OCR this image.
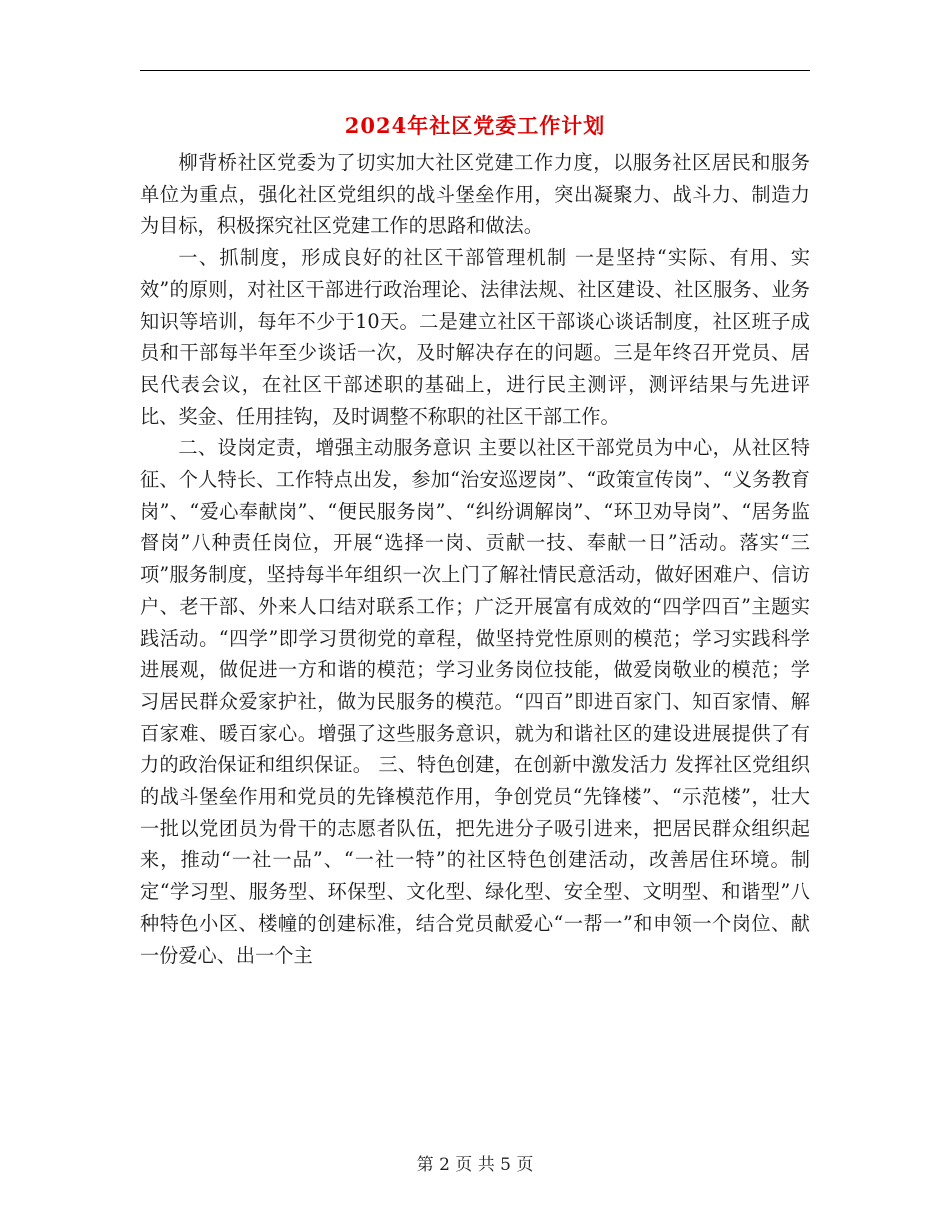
2024年社区党委工作计划

柳背桥社区党委为了切实加大社区党建工作力度，以服务社区居民和服务单位为重点，强化社区党组织的战斗堡垒作用，突出凝聚力、战斗力、制造力为目标，积极探究社区党建工作的思路和做法。

一、抓制度，形成良好的社区干部管理机制 一是坚持“实际、有用、实效”的原则，对社区干部进行政治理论、法律法规、社区建设、社区服务、业务知识等培训，每年不少于10天。二是建立社区干部谈心谈话制度，社区班子成员和干部每半年至少谈话一次，及时解决存在的问题。三是年终召开党员、居民代表会议，在社区干部述职的基础上，进行民主测评，测评结果与先进评比、奖金、任用挂钩，及时调整不称职的社区干部工作。

二、设岗定责，增强主动服务意识 主要以社区干部党员为中心，从社区特征、个人特长、工作特点出发，参加“治安巡逻岗”、“政策宣传岗”、“义务教育岗”、“爱心奉献岗”、“便民服务岗”、“纠纷调解岗”、“环卫劝导岗”、“居务监督岗”八种责任岗位，开展“选择一岗、贡献一技、奉献一日”活动。落实“三项”服务制度，坚持每半年组织一次上门了解社情民意活动，做好困难户、信访户、老干部、外来人口结对联系工作；广泛开展富有成效的“四学四百”主题实践活动。“四学”即学习贯彻党的章程，做坚持党性原则的模范；学习实践科学进展观，做促进一方和谐的模范；学习业务岗位技能，做爱岗敬业的模范；学习居民群众爱家护社，做为民服务的模范。“四百”即进百家门、知百家情、解百家难、暖百家心。增强了这些服务意识，就为和谐社区的建设进展提供了有力的政治保证和组织保证。 三、特色创建，在创新中激发活力 发挥社区党组织的战斗堡垒作用和党员的先锋模范作用，争创党员“先锋楼”、“示范楼”，壮大一批以党团员为骨干的志愿者队伍，把先进分子吸引进来，把居民群众组织起来，推动“一社一品”、“一社一特”的社区特色创建活动，改善居住环境。制定“学习型、服务型、环保型、文化型、绿化型、安全型、文明型、和谐型”八种特色小区、楼幢的创建标准，结合党员献爱心“一帮一”和申领一个岗位、献一份爱心、出一个主

第 2 页 共 5 页
